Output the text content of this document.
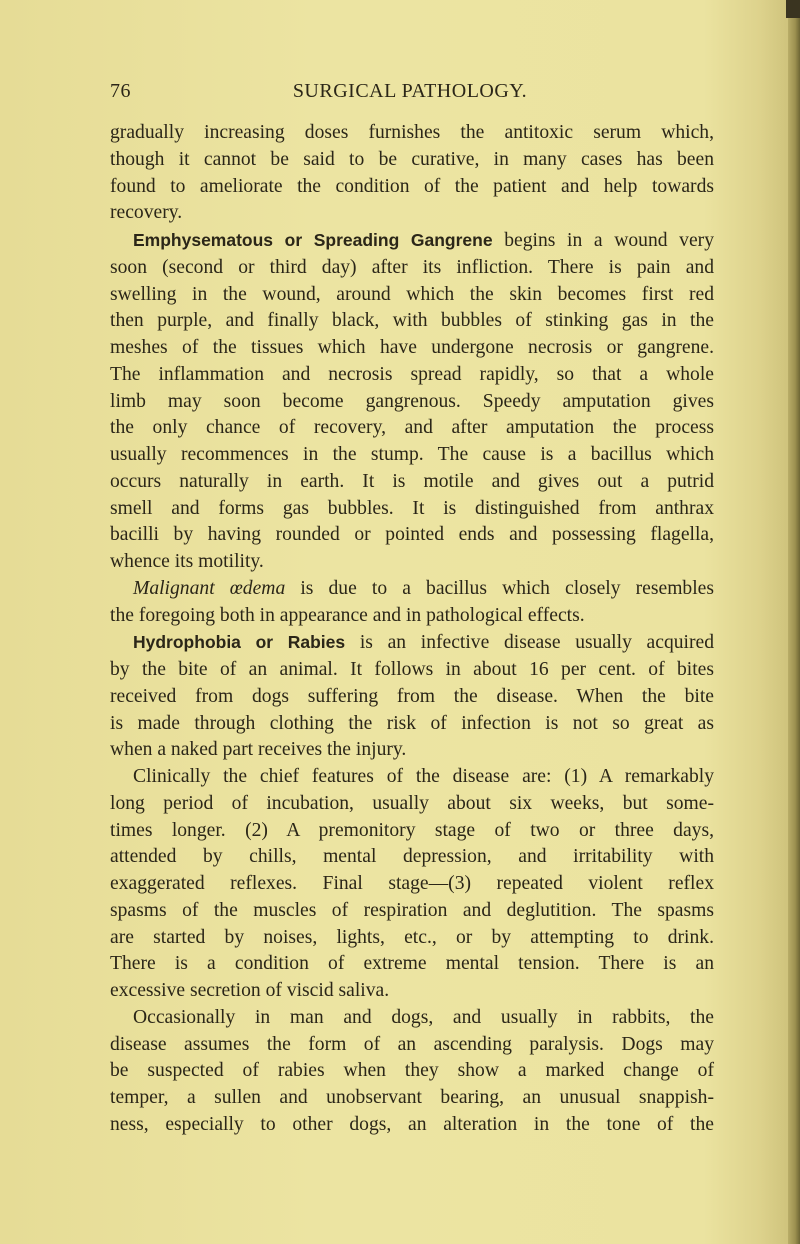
76	SURGICAL PATHOLOGY.
gradually increasing doses furnishes the antitoxic serum which,
though it cannot be said to be curative, in many cases has been
found to ameliorate the condition of the patient and help towards
recovery.
Emphysematous or Spreading Gangrene begins in a wound very
soon (second or third day) after its infliction. There is pain and
swelling in the wound, around which the skin becomes first red
then purple, and finally black, with bubbles of stinking gas in the
meshes of the tissues which have undergone necrosis or gangrene.
The inflammation and necrosis spread rapidly, so that a whole
limb may soon become gangrenous. Speedy amputation gives
the only chance of recovery, and after amputation the process
usually recommences in the stump. The cause is a bacillus which
occurs naturally in earth. It is motile and gives out a putrid
smell and forms gas bubbles. It is distinguished from anthrax
bacilli by having rounded or pointed ends and possessing flagella,
whence its motility.
Malignant œdema is due to a bacillus which closely resembles
the foregoing both in appearance and in pathological effects.
Hydrophobia or Rabies is an infective disease usually acquired
by the bite of an animal. It follows in about 16 per cent. of bites
received from dogs suffering from the disease. When the bite
is made through clothing the risk of infection is not so great as
when a naked part receives the injury.
Clinically the chief features of the disease are: (1) A remarkably
long period of incubation, usually about six weeks, but some-
times longer. (2) A premonitory stage of two or three days,
attended by chills, mental depression, and irritability with
exaggerated reflexes. Final stage—(3) repeated violent reflex
spasms of the muscles of respiration and deglutition. The spasms
are started by noises, lights, etc., or by attempting to drink.
There is a condition of extreme mental tension. There is an
excessive secretion of viscid saliva.
Occasionally in man and dogs, and usually in rabbits, the
disease assumes the form of an ascending paralysis. Dogs may
be suspected of rabies when they show a marked change of
temper, a sullen and unobservant bearing, an unusual snappish-
ness, especially to other dogs, an alteration in the tone of the
